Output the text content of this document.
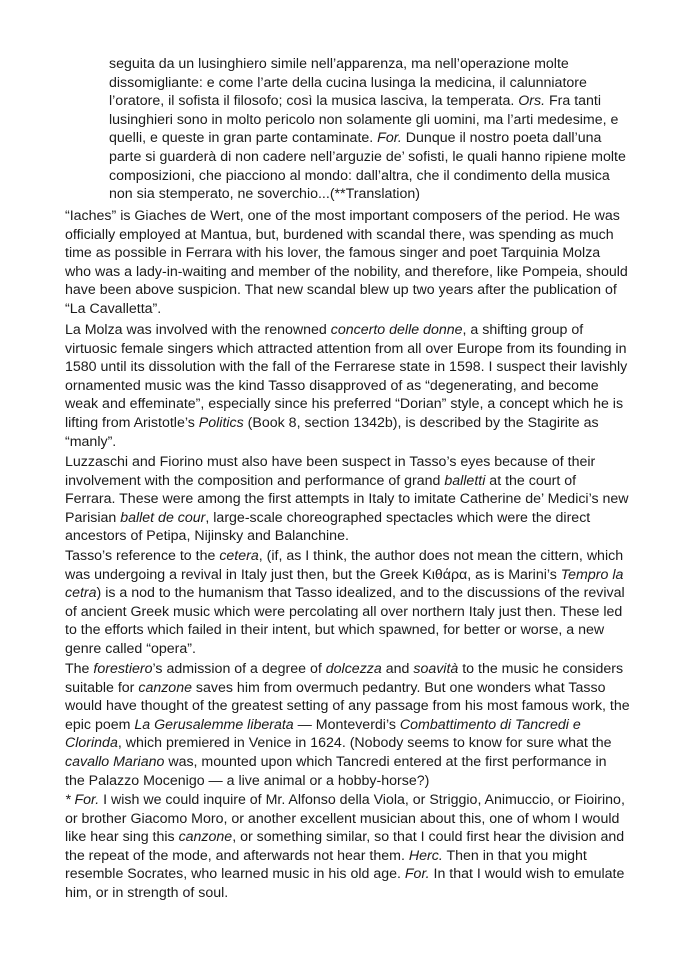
seguita da un lusinghiero simile nell’apparenza, ma nell’operazione molte dissomigliante: e come l’arte della cucina lusinga la medicina, il calunniatore l’oratore, il sofista il filosofo; così la musica lasciva, la temperata. Ors. Fra tanti lusinghieri sono in molto pericolo non solamente gli uomini, ma l’arti medesime, e quelli, e queste in gran parte contaminate. For. Dunque il nostro poeta dall’una parte si guarderà di non cadere nell’arguzie de’ sofisti, le quali hanno ripiene molte composizioni, che piacciono al mondo: dall’altra, che il condimento della musica non sia stemperato, ne soverchio...(**Translation)

“Iaches” is Giaches de Wert, one of the most important composers of the period. He was officially employed at Mantua, but, burdened with scandal there, was spending as much time as possible in Ferrara with his lover, the famous singer and poet Tarquinia Molza who was a lady-in-waiting and member of the nobility, and therefore, like Pompeia, should have been above suspicion. That new scandal blew up two years after the publication of “La Cavalletta”.

La Molza was involved with the renowned concerto delle donne, a shifting group of virtuosic female singers which attracted attention from all over Europe from its founding in 1580 until its dissolution with the fall of the Ferrarese state in 1598. I suspect their lavishly ornamented music was the kind Tasso disapproved of as “degenerating, and become weak and effeminate”, especially since his preferred “Dorian” style, a concept which he is lifting from Aristotle’s Politics (Book 8, section 1342b), is described by the Stagirite as “manly”.

Luzzaschi and Fiorino must also have been suspect in Tasso’s eyes because of their involvement with the composition and performance of grand balletti at the court of Ferrara. These were among the first attempts in Italy to imitate Catherine de’ Medici’s new Parisian ballet de cour, large-scale choreographed spectacles which were the direct ancestors of Petipa, Nijinsky and Balanchine.

Tasso’s reference to the cetera, (if, as I think, the author does not mean the cittern, which was undergoing a revival in Italy just then, but the Greek Κιθάρα, as is Marini’s Tempro la cetra) is a nod to the humanism that Tasso idealized, and to the discussions of the revival of ancient Greek music which were percolating all over northern Italy just then. These led to the efforts which failed in their intent, but which spawned, for better or worse, a new genre called “opera”.

The forestiero’s admission of a degree of dolcezza and soavità to the music he considers suitable for canzone saves him from overmuch pedantry. But one wonders what Tasso would have thought of the greatest setting of any passage from his most famous work, the epic poem La Gerusalemme liberata — Monteverdi’s Combattimento di Tancredi e Clorinda, which premiered in Venice in 1624. (Nobody seems to know for sure what the cavallo Mariano was, mounted upon which Tancredi entered at the first performance in the Palazzo Mocenigo — a live animal or a hobby-horse?)

* For. I wish we could inquire of Mr. Alfonso della Viola, or Striggio, Animuccio, or Fioirino, or brother Giacomo Moro, or another excellent musician about this, one of whom I would like hear sing this canzone, or something similar, so that I could first hear the division and the repeat of the mode, and afterwards not hear them. Herc. Then in that you might resemble Socrates, who learned music in his old age. For. In that I would wish to emulate him, or in strength of soul.
